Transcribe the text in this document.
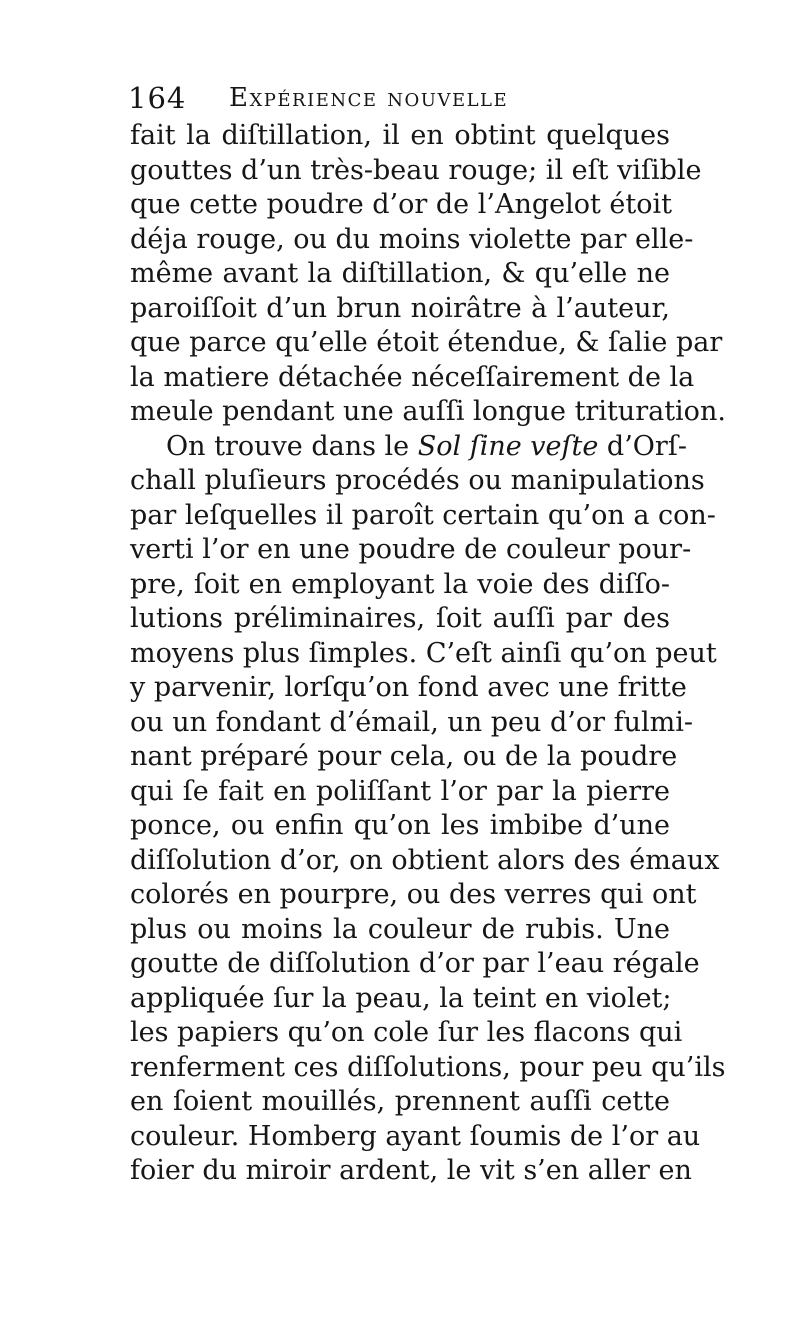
164 Expérience nouvelle
fait la diſtillation, il en obtint quelques
gouttes d’un très-beau rouge; il eſt viſible
que cette poudre d’or de l’Angelot étoit
déja rouge, ou du moins violette par elle-
même avant la diſtillation, & qu’elle ne
paroiſſoit d’un brun noirâtre à l’auteur,
que parce qu’elle étoit étendue, & ſalie par
la matiere détachée néceſſairement de la
meule pendant une auſſi longue trituration.
On trouve dans le Sol ſine veſte d’Orſ-
chall pluſieurs procédés ou manipulations
par leſquelles il paroît certain qu’on a con-
verti l’or en une poudre de couleur pour-
pre, ſoit en employant la voie des diſſo-
lutions préliminaires, ſoit auſſi par des
moyens plus ſimples. C’eſt ainſi qu’on peut
y parvenir, lorſqu’on fond avec une fritte
ou un fondant d’émail, un peu d’or fulmi-
nant préparé pour cela, ou de la poudre
qui ſe fait en poliſſant l’or par la pierre
ponce, ou enfin qu’on les imbibe d’une
diſſolution d’or, on obtient alors des émaux
colorés en pourpre, ou des verres qui ont
plus ou moins la couleur de rubis. Une
goutte de diſſolution d’or par l’eau régale
appliquée ſur la peau, la teint en violet;
les papiers qu’on cole ſur les flacons qui
renferment ces diſſolutions, pour peu qu’ils
en ſoient mouillés, prennent auſſi cette
couleur. Homberg ayant ſoumis de l’or au
foier du miroir ardent, le vit s’en aller en
